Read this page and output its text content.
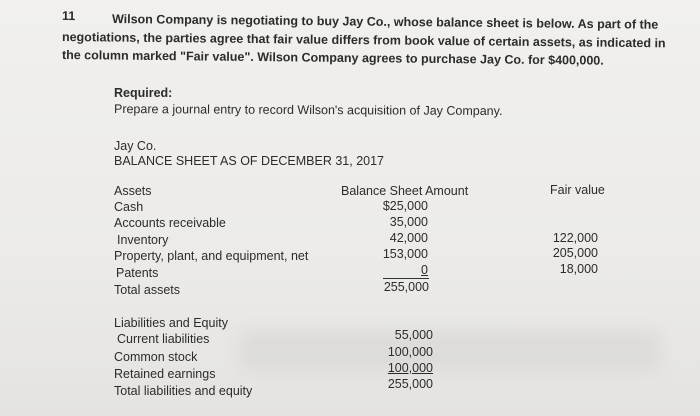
11	Wilson Company is negotiating to buy Jay Co., whose balance sheet is below. As part of the
negotiations, the parties agree that fair value differs from book value of certain assets, as indicated in
the column marked "Fair value". Wilson Company agrees to purchase Jay Co. for $400,000.
Required:
Prepare a journal entry to record Wilson's acquisition of Jay Company.
Jay Co.
BALANCE SHEET AS OF DECEMBER 31, 2017
Balance Sheet Amount	Fair value
Assets
Cash	$25,000
Accounts receivable	35,000
Inventory	42,000	122,000
Property, plant, and equipment, net	153,000	205,000
Patents	0	18,000
Total assets	255,000
Liabilities and Equity
Current liabilities	55,000
Common stock	100,000
Retained earnings	100,000
Total liabilities and equity	255,000
